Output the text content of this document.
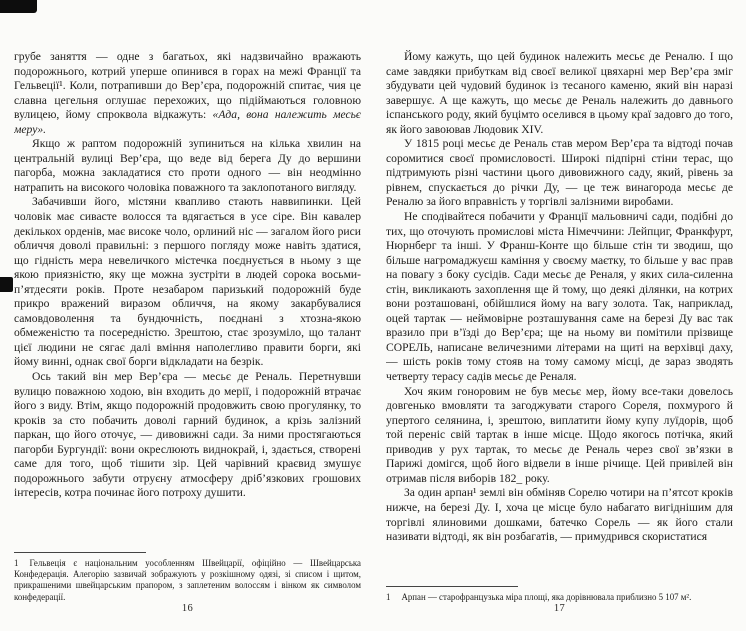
грубе заняття — одне з багатьох, які надзвичайно вражають подорожнього, котрий уперше опинився в горах на межі Франції та Гельвеції¹. Коли, потрапивши до Вер’єра, подорожній спитає, чия це славна цегельня оглушає перехожих, що підіймаються головною вулицею, йому спроквола відкажуть: «Ада, вона належить месьє меру».

Якщо ж раптом подорожній зупиниться на кілька хвилин на центральній вулиці Вер’єра, що веде від берега Ду до вершини пагорба, можна закладатися сто проти одного — він неодмінно натрапить на високого чоловіка поважного та заклопотаного вигляду.

Забачивши його, містяни квапливо стають наввипинки. Цей чоловік має сивасте волосся та вдягається в усе сіре. Він кавалер декількох орденів, має високе чоло, орлиний ніс — загалом його риси обличчя доволі правильні: з першого погляду може навіть здатися, що гідність мера невеличкого містечка поєднується в ньому з ще якою приязністю, яку ще можна зустріти в людей сорока восьми-п’ятдесяти років. Проте незабаром паризький подорожній буде прикро вражений виразом обличчя, на якому закарбувалися самовдоволення та бундючність, поєднані з хтозна-якою обмеженістю та посередністю. Зрештою, стає зрозуміло, що талант цієї людини не сягає далі вміння наполегливо правити борги, які йому винні, однак свої борги відкладати на безрік.

Ось такий він мер Вер’єра — месьє де Реналь. Перетнувши вулицю поважною ходою, він входить до мерії, і подорожній втрачає його з виду. Втім, якщо подорожній продовжить свою прогулянку, то кроків за сто побачить доволі гарний будинок, а крізь залізний паркан, що його оточує, — дивовижні сади. За ними простягаються пагорби Бургундії: вони окреслюють виднокрай, і, здається, створені саме для того, щоб тішити зір. Цей чарівний краєвид змушує подорожнього забути отруєну атмосферу дріб’язкових грошових інтересів, котра починає його потроху душити.

1 Гельвеція є національним уособленням Швейцарії, офіційно — Швейцарська Конфедерація. Алегорію зазвичай зображують у розкішному одязі, зі списом і щитом, прикрашеними швейцарським прапором, з заплетеним волоссям і вінком як символом конфедерації.

Йому кажуть, що цей будинок належить месьє де Реналю. І що саме завдяки прибуткам від своєї великої цвяхарні мер Вер’єра зміг збудувати цей чудовий будинок із тесаного каменю, який він наразі завершує. А ще кажуть, що месьє де Реналь належить до давнього іспанського роду, який буцімто оселився в цьому краї задовго до того, як його завоював Людовик XIV.

У 1815 році месьє де Реналь став мером Вер’єра та відтоді почав соромитися своєї промисловості. Широкі підпірні стіни терас, що підтримують різні частини цього дивовижного саду, який, рівень за рівнем, спускається до річки Ду, — це теж винагорода месьє де Реналю за його вправність у торгівлі залізними виробами.

Не сподівайтеся побачити у Франції мальовничі сади, подібні до тих, що оточують промислові міста Німеччини: Лейпциг, Франкфурт, Нюрнберг та інші. У Франш-Конте що більше стін ти зводиш, що більше нагромаджуєш каміння у своєму маєтку, то більше у вас прав на повагу з боку сусідів. Сади месьє де Реналя, у яких сила-силенна стін, викликають захоплення ще й тому, що деякі ділянки, на котрих вони розташовані, обійшлися йому на вагу золота. Так, наприклад, оцей тартак — неймовірне розташування саме на березі Ду вас так вразило при в’їзді до Вер’єра; ще на ньому ви помітили прізвище СОРЕЛЬ, написане величезними літерами на щиті на верхівці даху, — шість років тому стояв на тому самому місці, де зараз зводять четверту терасу садів месьє де Реналя.

Хоч яким гоноровим не був месьє мер, йому все-таки довелось довгенько вмовляти та загоджувати старого Сореля, похмурого й упертого селянина, і, зрештою, виплатити йому купу луїдорів, щоб той переніс свій тартак в інше місце. Щодо якогось потічка, який приводив у рух тартак, то месьє де Реналь через свої зв’язки в Парижі домігся, щоб його відвели в інше річище. Цей привілей він отримав після виборів 182_ року.

За один арпан¹ землі він обміняв Сорелю чотири на п’ятсот кроків нижче, на березі Ду. І, хоча це місце було набагато вигіднішим для торгівлі ялиновими дошками, батечко Сорель — як його стали називати відтоді, як він розбагатів, — примудрився скористатися

1 Арпан — старофранцузька міра площі, яка дорівнювала приблизно 5 107 м².

16	17
